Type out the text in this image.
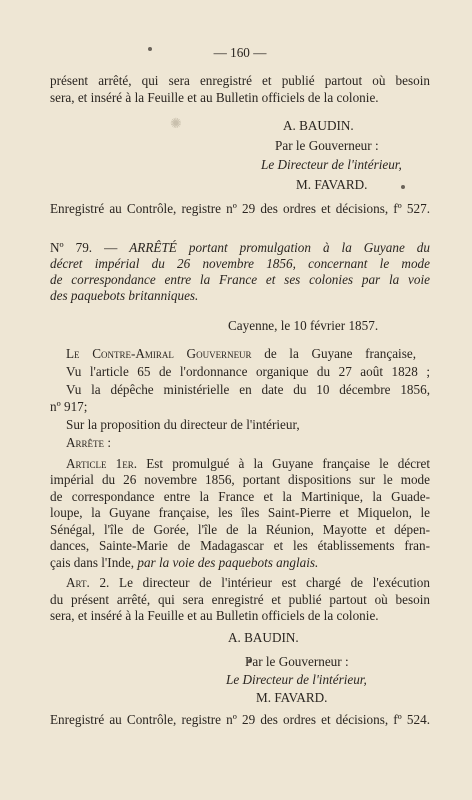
✺
— 160 —
présent arrêté, qui sera enregistré et publié partout où besoin
sera, et inséré à la Feuille et au Bulletin officiels de la colonie.
A. BAUDIN.
Par le Gouverneur :
Le Directeur de l'intérieur,
M. FAVARD.
Enregistré au Contrôle, registre nº 29 des ordres et décisions, fº 527.
Nº 79. — ARRÊTÉ portant promulgation à la Guyane du
décret impérial du 26 novembre 1856, concernant le mode
de correspondance entre la France et ses colonies par la voie
des paquebots britanniques.
Cayenne, le 10 février 1857.
Le Contre-Amiral Gouverneur de la Guyane française,
Vu l'article 65 de l'ordonnance organique du 27 août 1828 ;
Vu la dépêche ministérielle en date du 10 décembre 1856,
nº 917;
Sur la proposition du directeur de l'intérieur,
Arrête :
Article 1er. Est promulgué à la Guyane française le décret
impérial du 26 novembre 1856, portant dispositions sur le mode
de correspondance entre la France et la Martinique, la Guade-
loupe, la Guyane française, les îles Saint-Pierre et Miquelon, le
Sénégal, l'île de Gorée, l'île de la Réunion, Mayotte et dépen-
dances, Sainte-Marie de Madagascar et les établissements fran-
çais dans l'Inde, par la voie des paquebots anglais.
Art. 2. Le directeur de l'intérieur est chargé de l'exécution
du présent arrêté, qui sera enregistré et publié partout où besoin
sera, et inséré à la Feuille et au Bulletin officiels de la colonie.
A. BAUDIN.
Par le Gouverneur :
Le Directeur de l'intérieur,
M. FAVARD.
Enregistré au Contrôle, registre nº 29 des ordres et décisions, fº 524.
